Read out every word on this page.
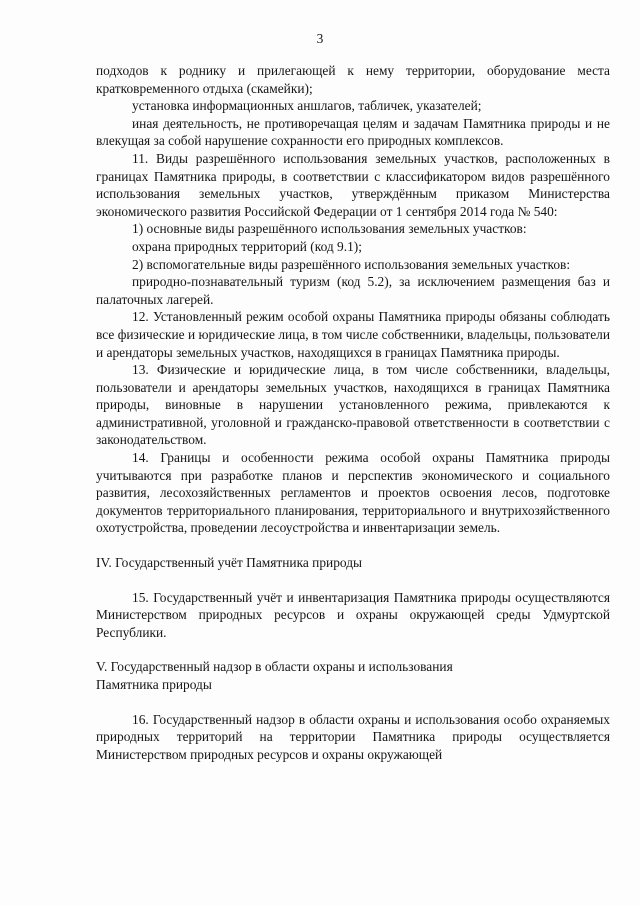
3

подходов к роднику и прилегающей к нему территории, оборудование места кратковременного отдыха (скамейки);

установка информационных аншлагов, табличек, указателей;

иная деятельность, не противоречащая целям и задачам Памятника природы и не влекущая за собой нарушение сохранности его природных комплексов.

11. Виды разрешённого использования земельных участков, расположенных в границах Памятника природы, в соответствии с классификатором видов разрешённого использования земельных участков, утверждённым приказом Министерства экономического развития Российской Федерации от 1 сентября 2014 года № 540:

1) основные виды разрешённого использования земельных участков:

охрана природных территорий (код 9.1);

2) вспомогательные виды разрешённого использования земельных участков:

природно-познавательный туризм (код 5.2), за исключением размещения баз и палаточных лагерей.

12. Установленный режим особой охраны Памятника природы обязаны соблюдать все физические и юридические лица, в том числе собственники, владельцы, пользователи и арендаторы земельных участков, находящихся в границах Памятника природы.

13. Физические и юридические лица, в том числе собственники, владельцы, пользователи и арендаторы земельных участков, находящихся в границах Памятника природы, виновные в нарушении установленного режима, привлекаются к административной, уголовной и гражданско-правовой ответственности в соответствии с законодательством.

14. Границы и особенности режима особой охраны Памятника природы учитываются при разработке планов и перспектив экономического и социального развития, лесохозяйственных регламентов и проектов освоения лесов, подготовке документов территориального планирования, территориального и внутрихозяйственного охотустройства, проведении лесоустройства и инвентаризации земель.

IV. Государственный учёт Памятника природы

15. Государственный учёт и инвентаризация Памятника природы осуществляются Министерством природных ресурсов и охраны окружающей среды Удмуртской Республики.

V. Государственный надзор в области охраны и использования

Памятника природы

16. Государственный надзор в области охраны и использования особо охраняемых природных территорий на территории Памятника природы осуществляется Министерством природных ресурсов и охраны окружающей
